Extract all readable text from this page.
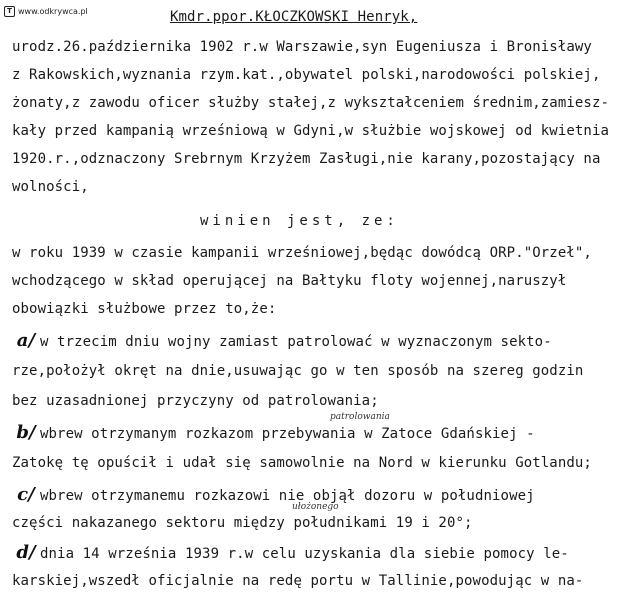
T www.odkrywca.pl	Kmdr.ppor.KŁOCZKOWSKI Henryk,
urodz.26.października 1902 r.w Warszawie,syn Eugeniusza i Bronisławy
z Rakowskich,wyznania rzym.kat.,obywatel polski,narodowości polskiej,
żonaty,z zawodu oficer służby stałej,z wykształceniem średnim,zamiesz-
kały przed kampanią wrześniową w Gdyni,w służbie wojskowej od kwietnia
1920.r.,odznaczony Srebrnym Krzyżem Zasługi,nie karany,pozostający na
wolności,
winien jest, ze:
w roku 1939 w czasie kampanii wrześniowej,będąc dowódcą ORP."Orzeł",
wchodzącego w skład operującej na Bałtyku floty wojennej,naruszył
obowiązki służbowe przez to,że:
a/ w trzecim dniu wojny zamiast patrolować w wyznaczonym sekto-
rze,położył okręt na dnie,usuwając go w ten sposób na szereg godzin
bez uzasadnionej przyczyny od patrolowania;
patrolowania
b/ wbrew otrzymanym rozkazom przebywania w Zatoce Gdańskiej -
Zatokę tę opuścił i udał się samowolnie na Nord w kierunku Gotlandu;
c/ wbrew otrzymanemu rozkazowi nie objął dozoru w południowej
ułożonego
części nakazanego sektoru między południkami 19 i 20°;
d/ dnia 14 września 1939 r.w celu uzyskania dla siebie pomocy le-
karskiej,wszedł oficjalnie na redę portu w Tallinie,powodując w na-
